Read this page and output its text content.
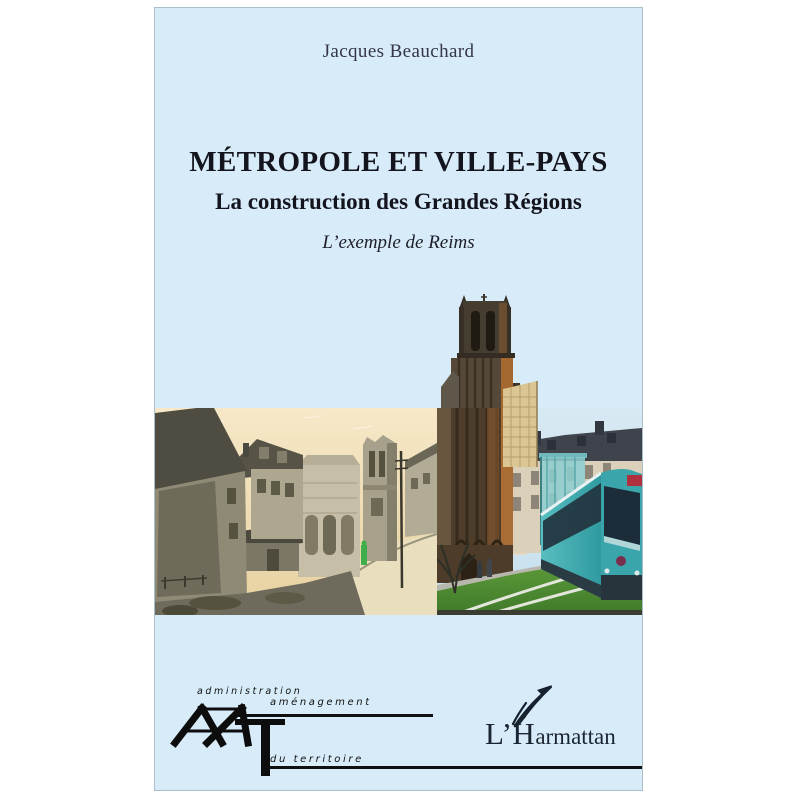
Jacques Beauchard
MÉTROPOLE ET VILLE-PAYS
La construction des Grandes Régions
L’exemple de Reims
administration
aménagement
du territoire
L’Harmattan
